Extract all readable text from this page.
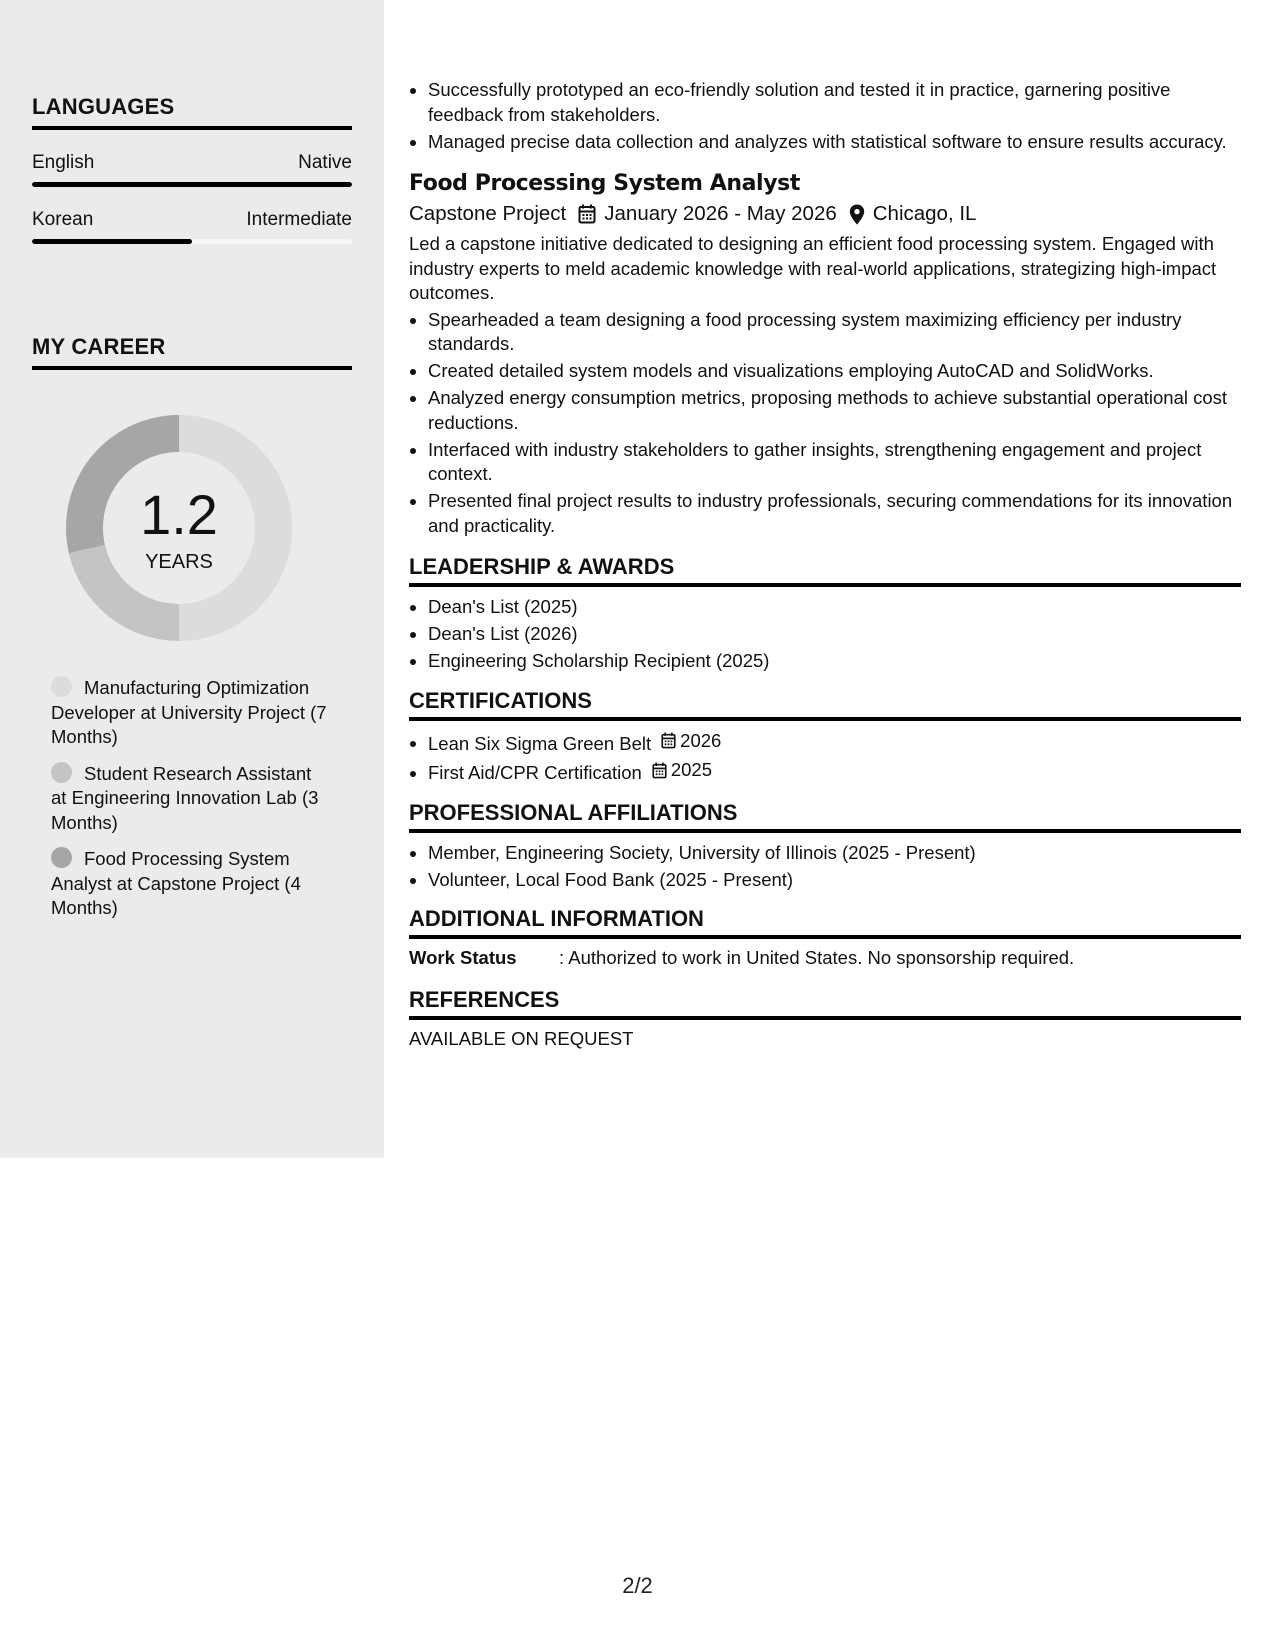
LANGUAGES
English	Native
Korean	Intermediate
MY CAREER
1.2
YEARS
Manufacturing Optimization Developer at University Project (7 Months)
Student Research Assistant at Engineering Innovation Lab (3 Months)
Food Processing System Analyst at Capstone Project (4 Months)
• Successfully prototyped an eco-friendly solution and tested it in practice, garnering positive feedback from stakeholders.
• Managed precise data collection and analyzes with statistical software to ensure results accuracy.
Food Processing System Analyst
Capstone Project January 2026 - May 2026 Chicago, IL
Led a capstone initiative dedicated to designing an efficient food processing system. Engaged with industry experts to meld academic knowledge with real-world applications, strategizing high-impact outcomes.
• Spearheaded a team designing a food processing system maximizing efficiency per industry standards.
• Created detailed system models and visualizations employing AutoCAD and SolidWorks.
• Analyzed energy consumption metrics, proposing methods to achieve substantial operational cost reductions.
• Interfaced with industry stakeholders to gather insights, strengthening engagement and project context.
• Presented final project results to industry professionals, securing commendations for its innovation and practicality.
LEADERSHIP & AWARDS
• Dean's List (2025)
• Dean's List (2026)
• Engineering Scholarship Recipient (2025)
CERTIFICATIONS
• Lean Six Sigma Green Belt 2026
• First Aid/CPR Certification 2025
PROFESSIONAL AFFILIATIONS
• Member, Engineering Society, University of Illinois (2025 - Present)
• Volunteer, Local Food Bank (2025 - Present)
ADDITIONAL INFORMATION
Work Status	: Authorized to work in United States. No sponsorship required.
REFERENCES
AVAILABLE ON REQUEST
2/2
